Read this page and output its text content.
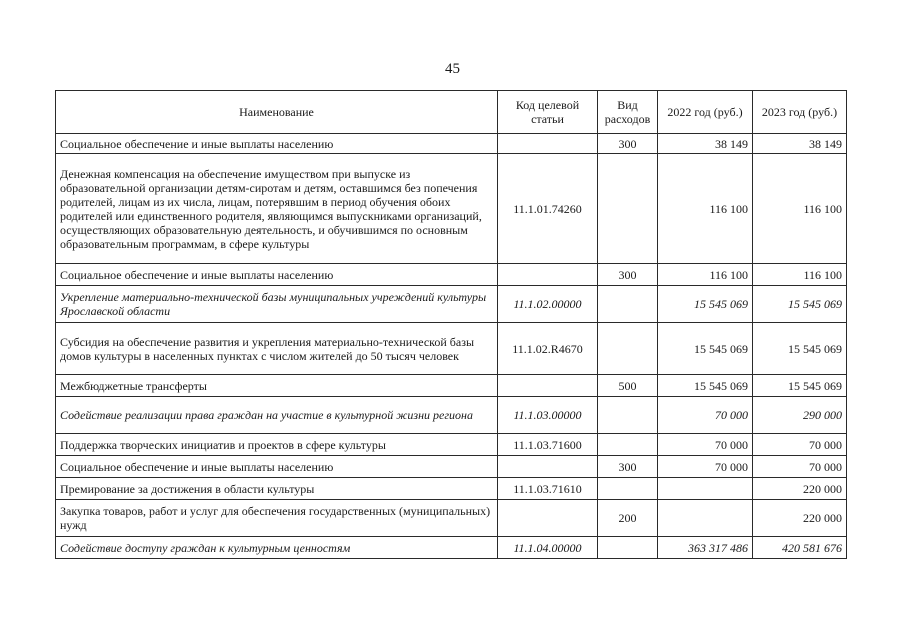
45
Наименование	Код целевой статьи	Вид расходов	2022 год (руб.)	2023 год (руб.)
Социальное обеспечение и иные выплаты населению		300	38 149	38 149
Денежная компенсация на обеспечение имуществом при выпуске из образовательной организации детям-сиротам и детям, оставшимся без попечения родителей, лицам из их числа, лицам, потерявшим в период обучения обоих родителей или единственного родителя, являющимся выпускниками организаций, осуществляющих образовательную деятельность, и обучившимся по основным образовательным программам, в сфере культуры	11.1.01.74260		116 100	116 100
Социальное обеспечение и иные выплаты населению		300	116 100	116 100
Укрепление материально-технической базы муниципальных учреждений культуры Ярославской области	11.1.02.00000		15 545 069	15 545 069
Субсидия на обеспечение развития и укрепления материально-технической базы домов культуры в населенных пунктах с числом жителей до 50 тысяч человек	11.1.02.R4670		15 545 069	15 545 069
Межбюджетные трансферты		500	15 545 069	15 545 069
Содействие реализации права граждан на участие в культурной жизни региона	11.1.03.00000		70 000	290 000
Поддержка творческих инициатив и проектов в сфере культуры	11.1.03.71600		70 000	70 000
Социальное обеспечение и иные выплаты населению		300	70 000	70 000
Премирование за достижения в области культуры	11.1.03.71610			220 000
Закупка товаров, работ и услуг для обеспечения государственных (муниципальных) нужд		200		220 000
Содействие доступу граждан к культурным ценностям	11.1.04.00000		363 317 486	420 581 676
